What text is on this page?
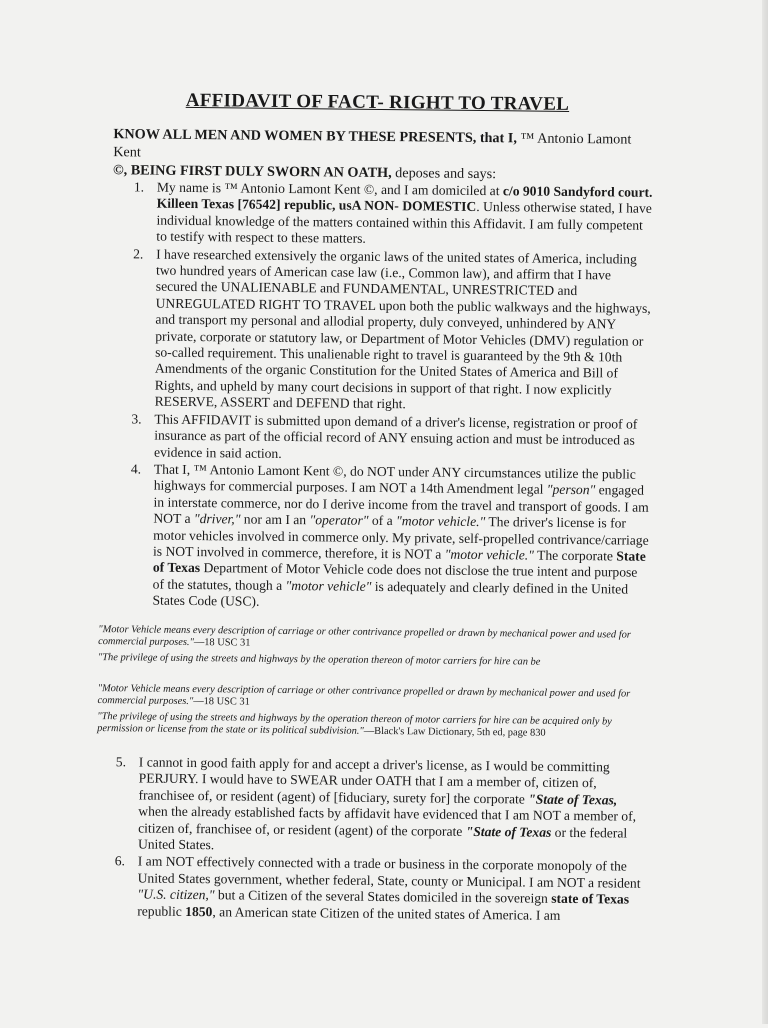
AFFIDAVIT OF FACT- RIGHT TO TRAVEL
KNOW ALL MEN AND WOMEN BY THESE PRESENTS, that I, ™ Antonio Lamont Kent
©, BEING FIRST DULY SWORN AN OATH, deposes and says:
1. My name is ™ Antonio Lamont Kent ©, and I am domiciled at c/o 9010 Sandyford court. Killeen Texas [76542] republic, usA NON- DOMESTIC. Unless otherwise stated, I have individual knowledge of the matters contained within this Affidavit. I am fully competent to testify with respect to these matters.
2. I have researched extensively the organic laws of the united states of America, including two hundred years of American case law (i.e., Common law), and affirm that I have secured the UNALIENABLE and FUNDAMENTAL, UNRESTRICTED and UNREGULATED RIGHT TO TRAVEL upon both the public walkways and the highways, and transport my personal and allodial property, duly conveyed, unhindered by ANY private, corporate or statutory law, or Department of Motor Vehicles (DMV) regulation or so-called requirement. This unalienable right to travel is guaranteed by the 9th & 10th Amendments of the organic Constitution for the United States of America and Bill of Rights, and upheld by many court decisions in support of that right. I now explicitly RESERVE, ASSERT and DEFEND that right.
3. This AFFIDAVIT is submitted upon demand of a driver's license, registration or proof of insurance as part of the official record of ANY ensuing action and must be introduced as evidence in said action.
4. That I, ™ Antonio Lamont Kent ©, do NOT under ANY circumstances utilize the public highways for commercial purposes. I am NOT a 14th Amendment legal "person" engaged in interstate commerce, nor do I derive income from the travel and transport of goods. I am NOT a "driver," nor am I an "operator" of a "motor vehicle." The driver's license is for motor vehicles involved in commerce only. My private, self-propelled contrivance/carriage is NOT involved in commerce, therefore, it is NOT a "motor vehicle." The corporate State of Texas Department of Motor Vehicle code does not disclose the true intent and purpose of the statutes, though a "motor vehicle" is adequately and clearly defined in the United States Code (USC).

"Motor Vehicle means every description of carriage or other contrivance propelled or drawn by mechanical power and used for commercial purposes."—18 USC 31

"The privilege of using the streets and highways by the operation thereon of motor carriers for hire can be

"Motor Vehicle means every description of carriage or other contrivance propelled or drawn by mechanical power and used for commercial purposes."—18 USC 31

"The privilege of using the streets and highways by the operation thereon of motor carriers for hire can be acquired only by permission or license from the state or its political subdivision."—Black's Law Dictionary, 5th ed, page 830

5. I cannot in good faith apply for and accept a driver's license, as I would be committing PERJURY. I would have to SWEAR under OATH that I am a member of, citizen of, franchisee of, or resident (agent) of [fiduciary, surety for] the corporate "State of Texas, when the already established facts by affidavit have evidenced that I am NOT a member of, citizen of, franchisee of, or resident (agent) of the corporate "State of Texas or the federal United States.
6. I am NOT effectively connected with a trade or business in the corporate monopoly of the United States government, whether federal, State, county or Municipal. I am NOT a resident "U.S. citizen," but a Citizen of the several States domiciled in the sovereign state of Texas republic 1850, an American state Citizen of the united states of America. I am
